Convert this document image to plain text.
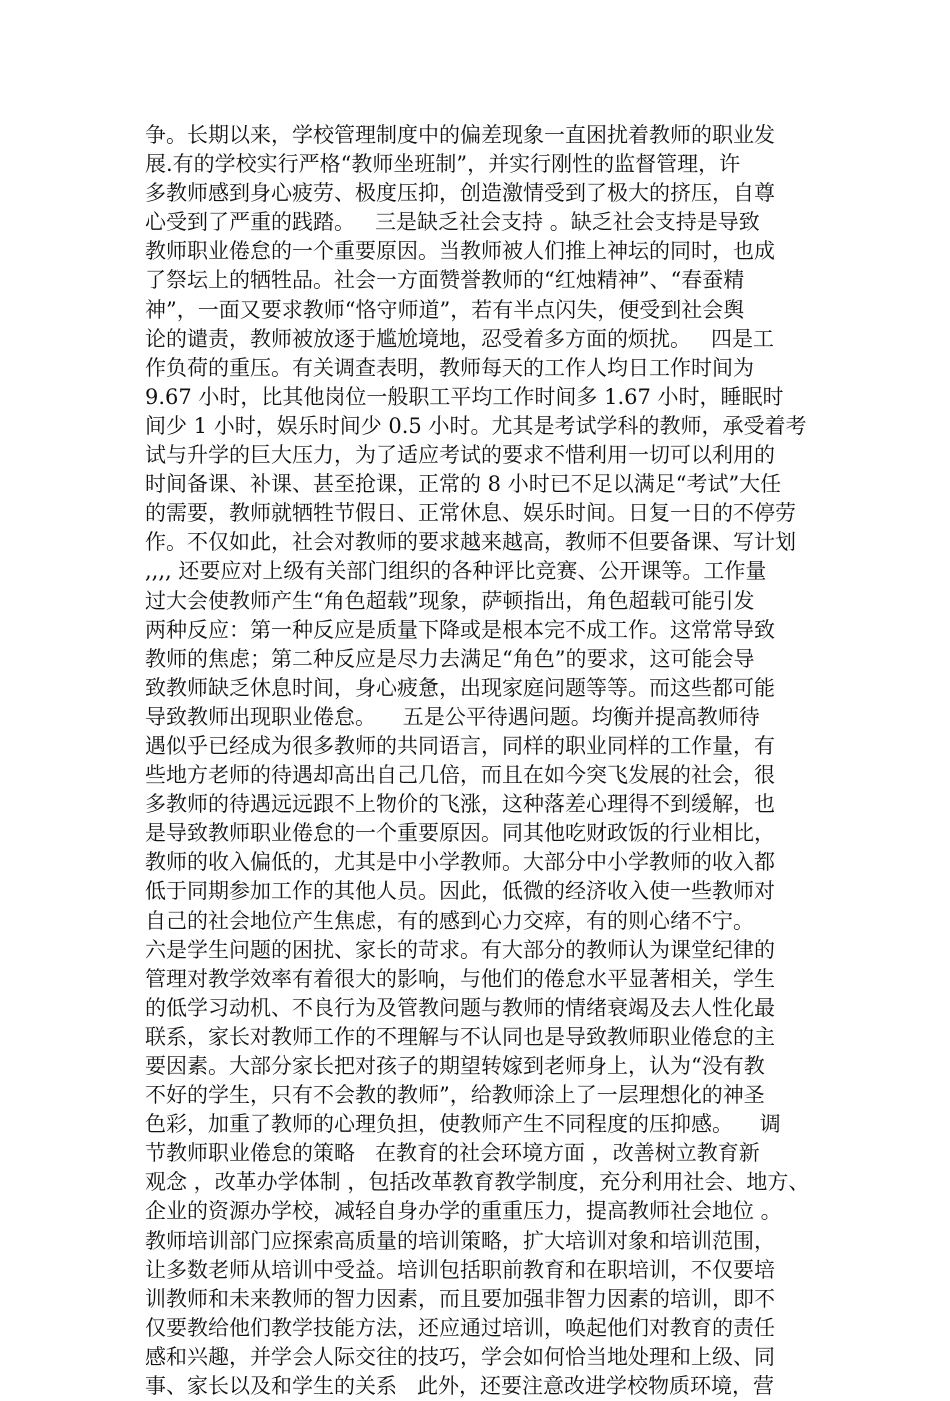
争。长期以来，学校管理制度中的偏差现象一直困扰着教师的职业发
展.有的学校实行严格“教师坐班制”，并实行刚性的监督管理，许
多教师感到身心疲劳、极度压抑，创造激情受到了极大的挤压，自尊
心受到了严重的践踏。   三是缺乏社会支持 。缺乏社会支持是导致
教师职业倦怠的一个重要原因。当教师被人们推上神坛的同时，也成
了祭坛上的牺牲品。社会一方面赞誉教师的“红烛精神”、“春蚕精
神”，一面又要求教师“恪守师道”，若有半点闪失，便受到社会舆
论的谴责，教师被放逐于尴尬境地，忍受着多方面的烦扰。   四是工
作负荷的重压。有关调查表明，教师每天的工作人均日工作时间为
9.67 小时，比其他岗位一般职工平均工作时间多 1.67 小时，睡眠时
间少 1 小时，娱乐时间少 0.5 小时。尤其是考试学科的教师，承受着考
试与升学的巨大压力，为了适应考试的要求不惜利用一切可以利用的
时间备课、补课、甚至抢课，正常的 8 小时已不足以满足“考试”大任
的需要，教师就牺牲节假日、正常休息、娱乐时间。日复一日的不停劳
作。不仅如此，社会对教师的要求越来越高，教师不但要备课、写计划
,,,, 还要应对上级有关部门组织的各种评比竞赛、公开课等。工作量
过大会使教师产生“角色超载”现象，萨顿指出，角色超载可能引发
两种反应：第一种反应是质量下降或是根本完不成工作。这常常导致
教师的焦虑；第二种反应是尽力去满足“角色”的要求，这可能会导
致教师缺乏休息时间，身心疲惫，出现家庭问题等等。而这些都可能
导致教师出现职业倦怠。    五是公平待遇问题。均衡并提高教师待
遇似乎已经成为很多教师的共同语言，同样的职业同样的工作量，有
些地方老师的待遇却高出自己几倍，而且在如今突飞发展的社会，很
多教师的待遇远远跟不上物价的飞涨，这种落差心理得不到缓解，也
是导致教师职业倦怠的一个重要原因。同其他吃财政饭的行业相比，
教师的收入偏低的，尤其是中小学教师。大部分中小学教师的收入都
低于同期参加工作的其他人员。因此，低微的经济收入使一些教师对
自己的社会地位产生焦虑，有的感到心力交瘁，有的则心绪不宁。
六是学生问题的困扰、家长的苛求。有大部分的教师认为课堂纪律的
管理对教学效率有着很大的影响，与他们的倦怠水平显著相关，学生
的低学习动机、不良行为及管教问题与教师的情绪衰竭及去人性化最
联系，家长对教师工作的不理解与不认同也是导致教师职业倦怠的主
要因素。大部分家长把对孩子的期望转嫁到老师身上，认为“没有教
不好的学生，只有不会教的教师”，给教师涂上了一层理想化的神圣
色彩，加重了教师的心理负担，使教师产生不同程度的压抑感。    调
节教师职业倦怠的策略   在教育的社会环境方面 ，改善树立教育新
观念 ，改革办学体制 ，包括改革教育教学制度，充分利用社会、地方、
企业的资源办学校，减轻自身办学的重重压力，提高教师社会地位 。
教师培训部门应探索高质量的培训策略，扩大培训对象和培训范围，
让多数老师从培训中受益。培训包括职前教育和在职培训，不仅要培
训教师和未来教师的智力因素，而且要加强非智力因素的培训，即不
仅要教给他们教学技能方法，还应通过培训，唤起他们对教育的责任
感和兴趣，并学会人际交往的技巧，学会如何恰当地处理和上级、同
事、家长以及和学生的关系   此外，还要注意改进学校物质环境，营
